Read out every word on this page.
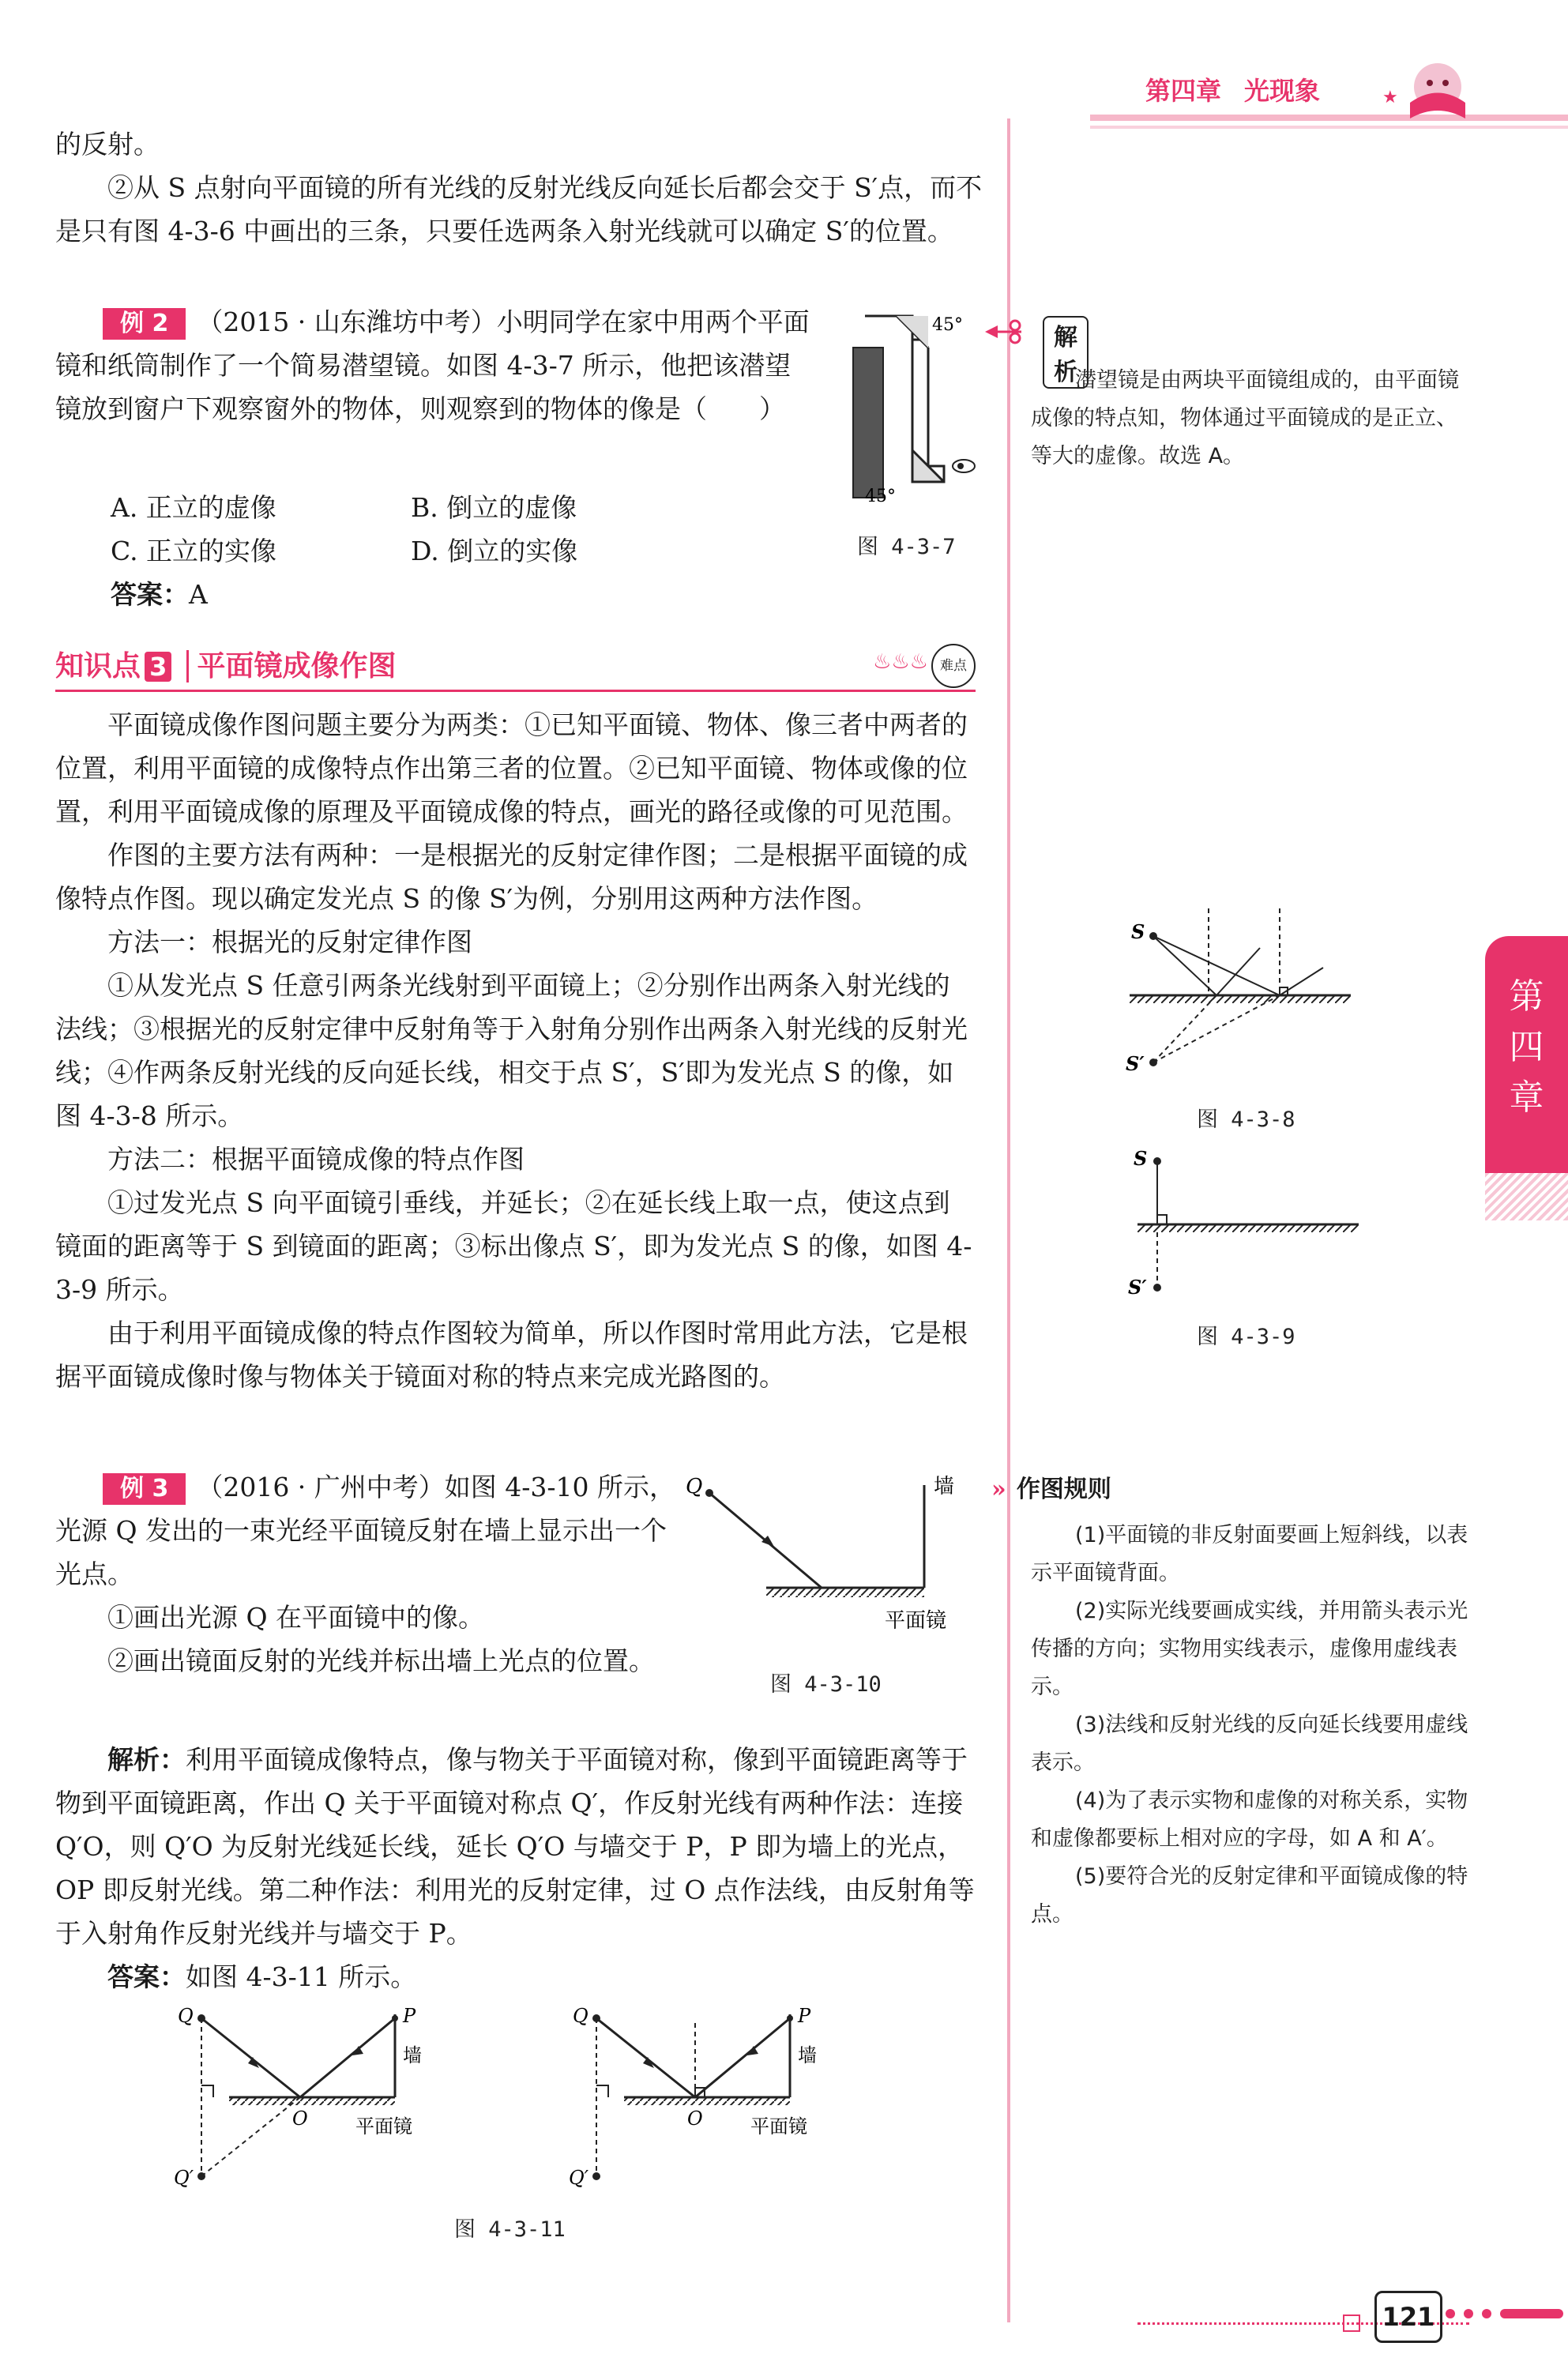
第四章 光现象	★

的反射。

②从 S 点射向平面镜的所有光线的反射光线反向延长后都会交于 S′点，而不是只有图 4-3-6 中画出的三条，只要任选两条入射光线就可以确定 S′的位置。

例 2 （2015 · 山东潍坊中考）小明同学在家中用两个平面镜和纸筒制作了一个简易潜望镜。如图 4-3-7 所示，他把该潜望镜放到窗户下观察窗外的物体，则观察到的物体的像是（　　）

A. 正立的虚像	B. 倒立的虚像
C. 正立的实像	D. 倒立的实像
答案：A
45°
45°
图 4-3-7
解析

潜望镜是由两块平面镜组成的，由平面镜成像的特点知，物体通过平面镜成的是正立、等大的虚像。故选 A。

知识点 3 平面镜成像作图	♨♨♨ 难点

平面镜成像作图问题主要分为两类：①已知平面镜、物体、像三者中两者的位置，利用平面镜的成像特点作出第三者的位置。②已知平面镜、物体或像的位置，利用平面镜成像的原理及平面镜成像的特点，画光的路径或像的可见范围。

作图的主要方法有两种：一是根据光的反射定律作图；二是根据平面镜的成像特点作图。现以确定发光点 S 的像 S′为例，分别用这两种方法作图。

方法一：根据光的反射定律作图

①从发光点 S 任意引两条光线射到平面镜上；②分别作出两条入射光线的法线；③根据光的反射定律中反射角等于入射角分别作出两条入射光线的反射光线；④作两条反射光线的反向延长线，相交于点 S′，S′即为发光点 S 的像，如图 4-3-8 所示。

方法二：根据平面镜成像的特点作图

①过发光点 S 向平面镜引垂线，并延长；②在延长线上取一点，使这点到镜面的距离等于 S 到镜面的距离；③标出像点 S′，即为发光点 S 的像，如图 4-3-9 所示。

由于利用平面镜成像的特点作图较为简单，所以作图时常用此方法，它是根据平面镜成像时像与物体关于镜面对称的特点来完成光路图的。

例 3 （2016 · 广州中考）如图 4-3-10 所示，光源 Q 发出的一束光经平面镜反射在墙上显示出一个光点。

①画出光源 Q 在平面镜中的像。

②画出镜面反射的光线并标出墙上光点的位置。

解析：利用平面镜成像特点，像与物关于平面镜对称，像到平面镜距离等于物到平面镜距离，作出 Q 关于平面镜对称点 Q′，作反射光线有两种作法：连接 Q′O，则 Q′O 为反射光线延长线，延长 Q′O 与墙交于 P，P 即为墙上的光点，OP 即反射光线。第二种作法：利用光的反射定律，过 O 点作法线，由反射角等于入射角作反射光线并与墙交于 P。

答案：如图 4-3-11 所示。

Q	墙
平面镜
图 4-3-10
Q	P
墙
Q′
O	平面镜
Q	P
墙
Q′
O	平面镜
图 4-3-11
S
S′
图 4-3-8
S
S′
图 4-3-9
» 作图规则

(1)平面镜的非反射面要画上短斜线，以表示平面镜背面。

(2)实际光线要画成实线，并用箭头表示光传播的方向；实物用实线表示，虚像用虚线表示。

(3)法线和反射光线的反向延长线要用虚线表示。

(4)为了表示实物和虚像的对称关系，实物和虚像都要标上相对应的字母，如 A 和 A′。

(5)要符合光的反射定律和平面镜成像的特点。

第
四
章
121
